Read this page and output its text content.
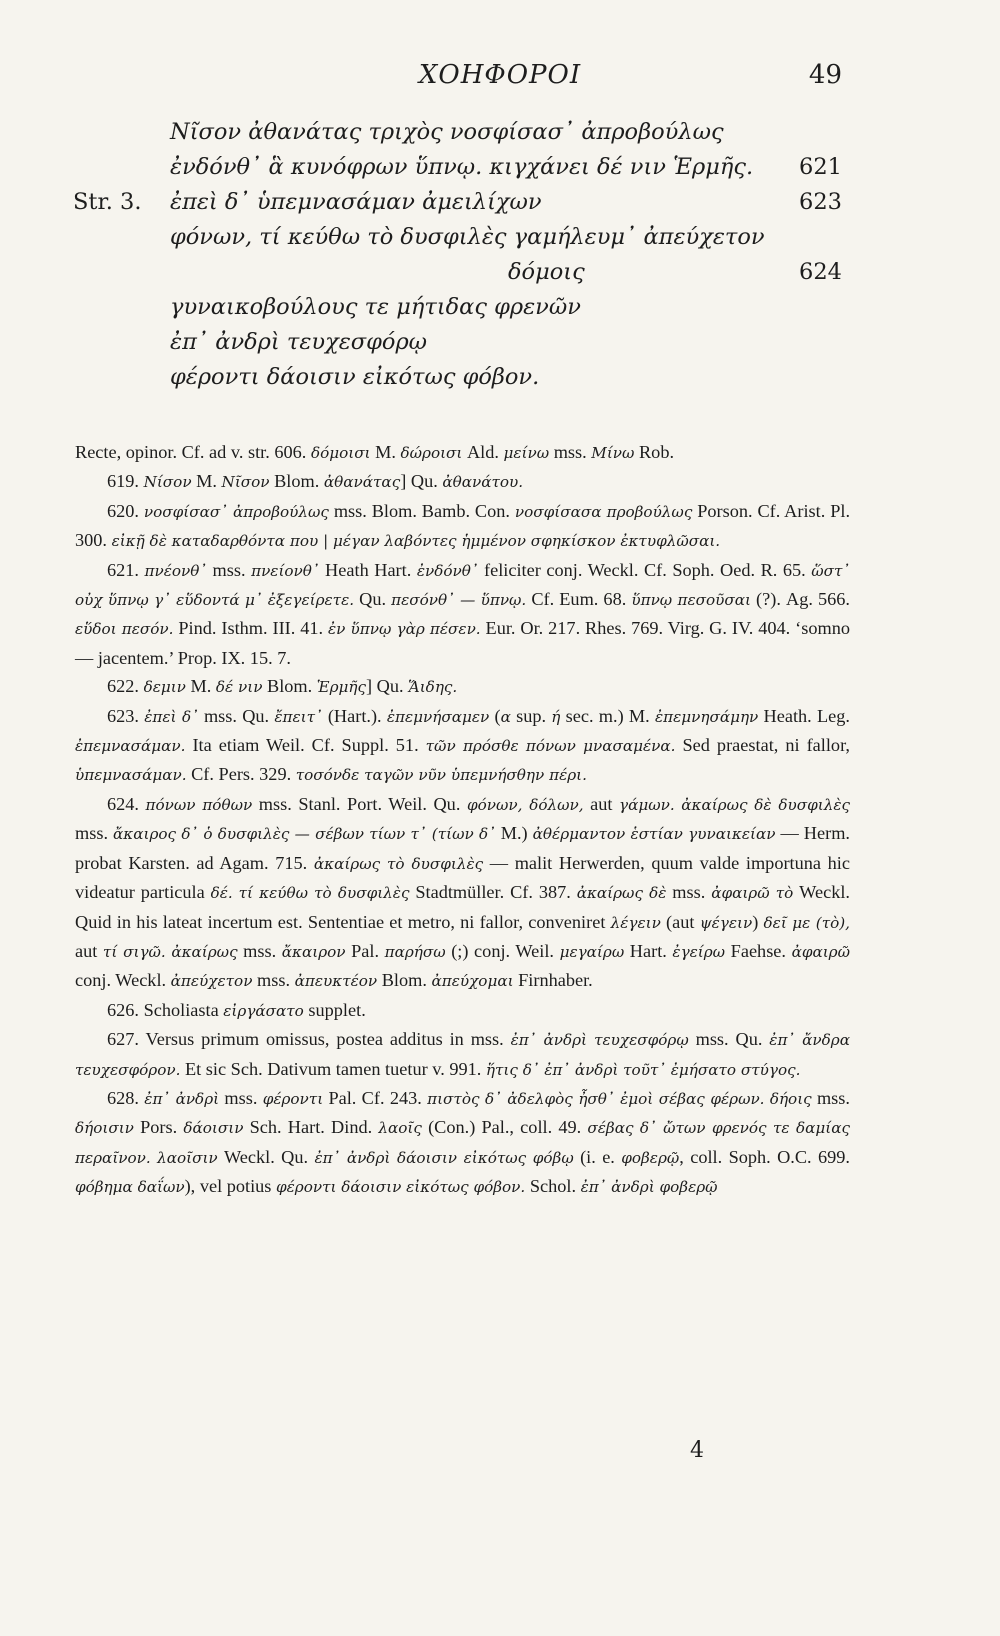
ΧΟΗΦΟΡΟΙ	49
Νῖσον ἀθανάτας τριχὸς νοσφίσασ᾽ ἀπροβούλως
ἐνδόνθ᾽ ἃ κυνόφρων ὕπνῳ. κιγχάνει δέ νιν Ἑρμῆς. 621
Str. 3. ἐπεὶ δ᾽ ὑπεμνασάμαν ἀμειλίχων	623
φόνων, τί κεύθω τὸ δυσφιλὲς γαμήλευμ᾽ ἀπεύχετον
δόμοις	624
γυναικοβούλους τε μήτιδας φρενῶν
ἐπ᾽ ἀνδρὶ τευχεσφόρῳ
φέροντι δάοισιν εἰκότως φόβον.

Recte, opinor. Cf. ad v. str. 606. δόμοισι M. δώροισι Ald. μείνω mss. Μίνω Rob.

619. Νίσον M. Νῖσον Blom. ἀθανάτας] Qu. ἀθανάτου.

620. νοσφίσασ᾽ ἀπροβούλως mss. Blom. Bamb. Con. νοσφίσασα προβούλως Porson. Cf. Arist. Pl. 300. εἰκῇ δὲ καταδαρθόντα που | μέγαν λαβόντες ἡμμένον σφηκίσκον ἐκτυφλῶσαι.

621. πνέονθ᾽ mss. πνείονθ᾽ Heath Hart. ἐνδόνθ᾽ feliciter conj. Weckl. Cf. Soph. Oed. R. 65. ὥστ᾽ οὐχ ὕπνῳ γ᾽ εὕδοντά μ᾽ ἐξεγείρετε. Qu. πεσόνθ᾽ — ὕπνῳ. Cf. Eum. 68. ὕπνῳ πεσοῦσαι (?). Ag. 566. εὕδοι πεσόν. Pind. Isthm. III. 41. ἐν ὕπνῳ γὰρ πέσεν. Eur. Or. 217. Rhes. 769. Virg. G. IV. 404. ‘somno — jacentem.’ Prop. IX. 15. 7.

622. δεμιν M. δέ νιν Blom. Ἑρμῆς] Qu. Ἅιδης.

623. ἐπεὶ δ᾽ mss. Qu. ἔπειτ᾽ (Hart.). ἐπεμνήσαμεν (α sup. ή sec. m.) M. ἐπεμνησάμην Heath. Leg. ἐπεμνασάμαν. Ita etiam Weil. Cf. Suppl. 51. τῶν πρόσθε πόνων μνασαμένα. Sed praestat, ni fallor, ὑπεμνασάμαν. Cf. Pers. 329. τοσόνδε ταγῶν νῦν ὑπεμνήσθην πέρι.

624. πόνων πόθων mss. Stanl. Port. Weil. Qu. φόνων, δόλων, aut γάμων. ἀκαίρως δὲ δυσφιλὲς mss. ἄκαιρος δ᾽ ὁ δυσφιλὲς — σέβων τίων τ᾽ (τίων δ᾽ M.) ἀθέρμαντον ἑστίαν γυναικείαν — Herm. probat Karsten. ad Agam. 715. ἀκαίρως τὸ δυσφιλὲς — malit Herwerden, quum valde importuna hic videatur particula δέ. τί κεύθω τὸ δυσφιλὲς Stadtmüller. Cf. 387. ἀκαίρως δὲ mss. ἀφαιρῶ τὸ Weckl. Quid in his lateat incertum est. Sententiae et metro, ni fallor, conveniret λέγειν (aut ψέγειν) δεῖ με (τὸ), aut τί σιγῶ. ἀκαίρως mss. ἄκαιρον Pal. παρήσω (;) conj. Weil. μεγαίρω Hart. ἐγείρω Faehse. ἀφαιρῶ conj. Weckl. ἀπεύχετον mss. ἀπευκτέον Blom. ἀπεύχομαι Firnhaber.

626. Scholiasta εἰργάσατο supplet.

627. Versus primum omissus, postea additus in mss. ἐπ᾽ ἀνδρὶ τευχεσφόρῳ mss. Qu. ἐπ᾽ ἄνδρα τευχεσφόρον. Et sic Sch. Dativum tamen tuetur v. 991. ἥτις δ᾽ ἐπ᾽ ἀνδρὶ τοῦτ᾽ ἐμήσατο στύγος.

628. ἐπ᾽ ἀνδρὶ mss. φέροντι Pal. Cf. 243. πιστὸς δ᾽ ἀδελφὸς ἦσθ᾽ ἐμοὶ σέβας φέρων. δήοις mss. δήοισιν Pors. δάοισιν Sch. Hart. Dind. λαοῖς (Con.) Pal., coll. 49. σέβας δ᾽ ὤτων φρενός τε δαμίας περαῖνον. λαοῖσιν Weckl. Qu. ἐπ᾽ ἀνδρὶ δάοισιν εἰκότως φόβῳ (i. e. φοβερῷ, coll. Soph. O.C. 699. φόβημα δαΐων), vel potius φέροντι δάοισιν εἰκότως φόβον. Schol. ἐπ᾽ ἀνδρὶ φοβερῷ

4
